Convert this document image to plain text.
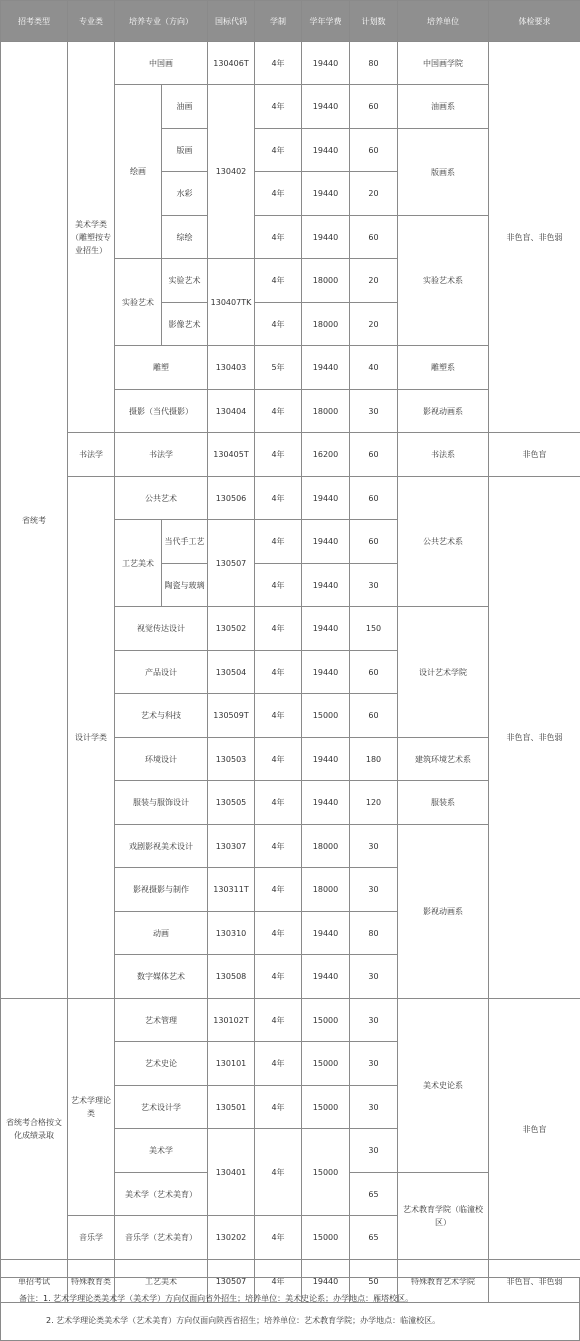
招考类型	专业类	培养专业（方向）		国标代码	学制	学年学费	计划数	培养单位	体检要求
省统考	美术学类（雕塑按专业招生）	中国画		130406T	4年	19440	80	中国画学院	非色盲、非色弱
		绘画	油画	130402	4年	19440	60	油画系	
			版画		4年	19440	60	版画系	
			水彩		4年	19440	20		
			综绘		4年	19440	60	实验艺术系	
		实验艺术	实验艺术	130407TK	4年	18000	20		
			影像艺术		4年	18000	20		
		雕塑		130403	5年	19440	40	雕塑系	
		摄影（当代摄影）		130404	4年	18000	30	影视动画系	
	书法学	书法学		130405T	4年	16200	60	书法系	非色盲
	设计学类	公共艺术		130506	4年	19440	60	公共艺术系	非色盲、非色弱
		工艺美术	当代手工艺	130507	4年	19440	60		
			陶瓷与玻璃		4年	19440	30		
		视觉传达设计		130502	4年	19440	150	设计艺术学院	
		产品设计		130504	4年	19440	60		
		艺术与科技		130509T	4年	15000	60		
		环境设计		130503	4年	19440	180	建筑环境艺术系	
		服装与服饰设计		130505	4年	19440	120	服装系	
		戏剧影视美术设计		130307	4年	18000	30	影视动画系	
		影视摄影与制作		130311T	4年	18000	30		
		动画		130310	4年	19440	80		
		数字媒体艺术		130508	4年	19440	30		
省统考合格按文化成绩录取	艺术学理论类	艺术管理		130102T	4年	15000	30	美术史论系	非色盲
		艺术史论		130101	4年	15000	30		
		艺术设计学		130501	4年	15000	30		
		美术学		130401	4年	15000	30		
		美术学（艺术美育）					65	艺术教育学院（临潼校区）	
	音乐学	音乐学（艺术美育）		130202	4年	15000	65		
单招考试	特殊教育类	工艺美术		130507	4年	19440	50	特殊教育艺术学院	非色盲、非色弱
备注：1. 艺术学理论类美术学（美术学）方向仅面向省外招生；培养单位：美术史论系；办学地点：雁塔校区。
2. 艺术学理论类美术学（艺术美育）方向仅面向陕西省招生；培养单位：艺术教育学院；办学地点：临潼校区。
